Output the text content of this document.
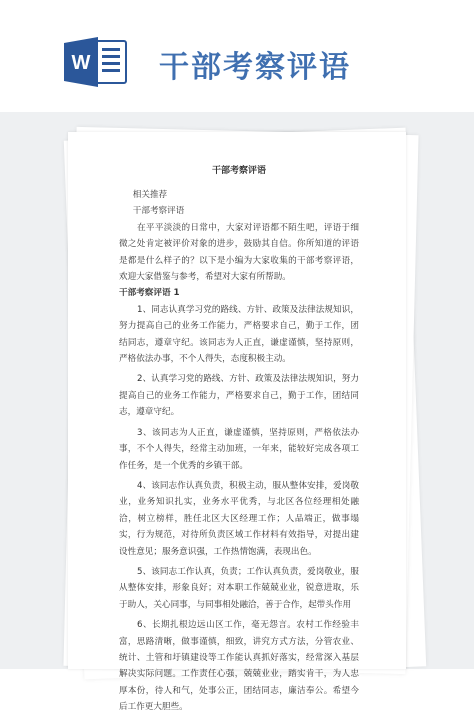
W 干部考察评语
干部考察评语

相关推荐

干部考察评语

在平平淡淡的日常中，大家对评语都不陌生吧，评语于细微之处肯定被评价对象的进步，鼓励其自信。你所知道的评语是都是什么样子的？以下是小编为大家收集的干部考察评语，欢迎大家借鉴与参考，希望对大家有所帮助。

干部考察评语 1

1、同志认真学习党的路线、方针、政策及法律法规知识，努力提高自己的业务工作能力，严格要求自己，勤于工作，团结同志，遵章守纪。该同志为人正直，谦虚谨慎，坚持原则，严格依法办事，不个人得失，态度积极主动。

2、认真学习党的路线、方针、政策及法律法规知识，努力提高自己的业务工作能力，严格要求自己，勤于工作，团结同志，遵章守纪。

3、该同志为人正直，谦虚谨慎，坚持原则，严格依法办事，不个人得失，经常主动加班，一年来，能较好完成各项工作任务，是一个优秀的乡镇干部。

4、该同志作认真负责，积极主动，服从整体安排，爱岗敬业，业务知识扎实，业务水平优秀，与北区各位经理相处融洽，树立榜样，胜任北区大区经理工作；人品端正，做事塌实，行为规范，对待所负责区域工作材料有效指导，对提出建设性意见；服务意识强，工作热情饱满，表现出色。

5、该同志工作认真，负责；工作认真负责，爱岗敬业，服从整体安排，形象良好；对本职工作兢兢业业，锐意进取，乐于助人，关心同事，与同事相处融洽，善于合作，起带头作用

6、长期扎根边远山区工作，毫无怨言。农村工作经验丰富，思路清晰，做事谨慎，细致，讲究方式方法，分管农业、统计、土管和圩镇建设等工作能认真抓好落实，经常深入基层解决实际问题。工作责任心强，兢兢业业，踏实肯干，为人忠厚本份，待人和气，处事公正，团结同志，廉洁奉公。希望今后工作更大胆些。
